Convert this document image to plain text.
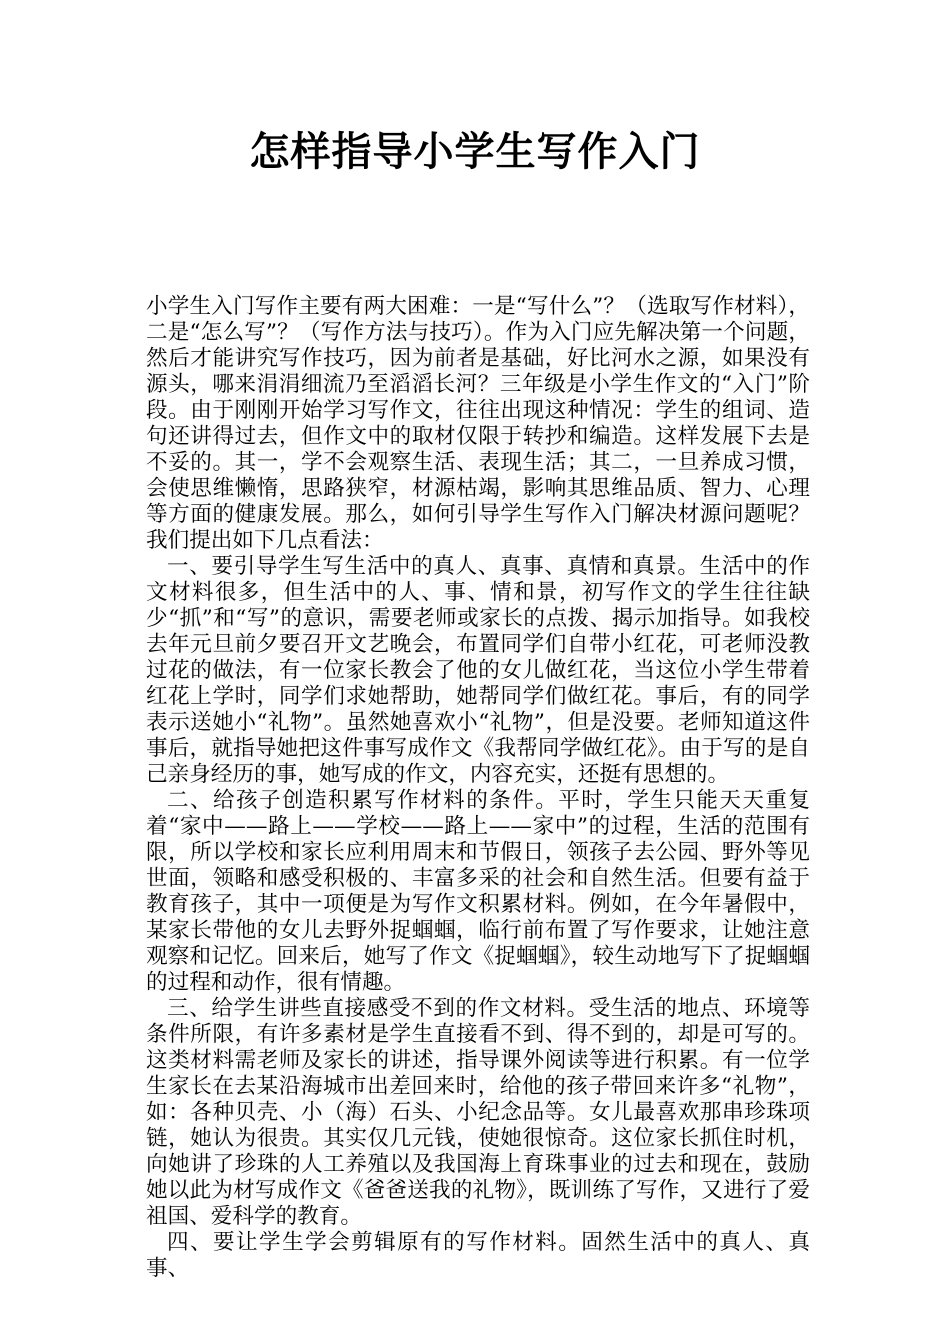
怎样指导小学生写作入门

小学生入门写作主要有两大困难：一是“写什么”？（选取写作材料），二是“怎么写”？（写作方法与技巧）。作为入门应先解决第一个问题，然后才能讲究写作技巧，因为前者是基础，好比河水之源，如果没有源头，哪来涓涓细流乃至滔滔长河？三年级是小学生作文的“入门”阶段。由于刚刚开始学习写作文，往往出现这种情况：学生的组词、造句还讲得过去，但作文中的取材仅限于转抄和编造。这样发展下去是不妥的。其一，学不会观察生活、表现生活；其二，一旦养成习惯，会使思维懒惰，思路狭窄，材源枯竭，影响其思维品质、智力、心理等方面的健康发展。那么，如何引导学生写作入门解决材源问题呢？我们提出如下几点看法：

一、要引导学生写生活中的真人、真事、真情和真景。生活中的作文材料很多，但生活中的人、事、情和景，初写作文的学生往往缺少“抓”和“写”的意识，需要老师或家长的点拨、揭示加指导。如我校去年元旦前夕要召开文艺晚会，布置同学们自带小红花，可老师没教过花的做法，有一位家长教会了他的女儿做红花，当这位小学生带着红花上学时，同学们求她帮助，她帮同学们做红花。事后，有的同学表示送她小“礼物”。虽然她喜欢小“礼物”，但是没要。老师知道这件事后，就指导她把这件事写成作文《我帮同学做红花》。由于写的是自己亲身经历的事，她写成的作文，内容充实，还挺有思想的。

二、给孩子创造积累写作材料的条件。平时，学生只能天天重复着“家中——路上——学校——路上——家中”的过程，生活的范围有限，所以学校和家长应利用周末和节假日，领孩子去公园、野外等见世面，领略和感受积极的、丰富多采的社会和自然生活。但要有益于教育孩子，其中一项便是为写作文积累材料。例如，在今年暑假中，某家长带他的女儿去野外捉蝈蝈，临行前布置了写作要求，让她注意观察和记忆。回来后，她写了作文《捉蝈蝈》，较生动地写下了捉蝈蝈的过程和动作，很有情趣。

三、给学生讲些直接感受不到的作文材料。受生活的地点、环境等条件所限，有许多素材是学生直接看不到、得不到的，却是可写的。这类材料需老师及家长的讲述，指导课外阅读等进行积累。有一位学生家长在去某沿海城市出差回来时，给他的孩子带回来许多“礼物”，如：各种贝壳、小（海）石头、小纪念品等。女儿最喜欢那串珍珠项链，她认为很贵。其实仅几元钱，使她很惊奇。这位家长抓住时机，向她讲了珍珠的人工养殖以及我国海上育珠事业的过去和现在，鼓励她以此为材写成作文《爸爸送我的礼物》，既训练了写作，又进行了爱祖国、爱科学的教育。

四、要让学生学会剪辑原有的写作材料。固然生活中的真人、真事、
